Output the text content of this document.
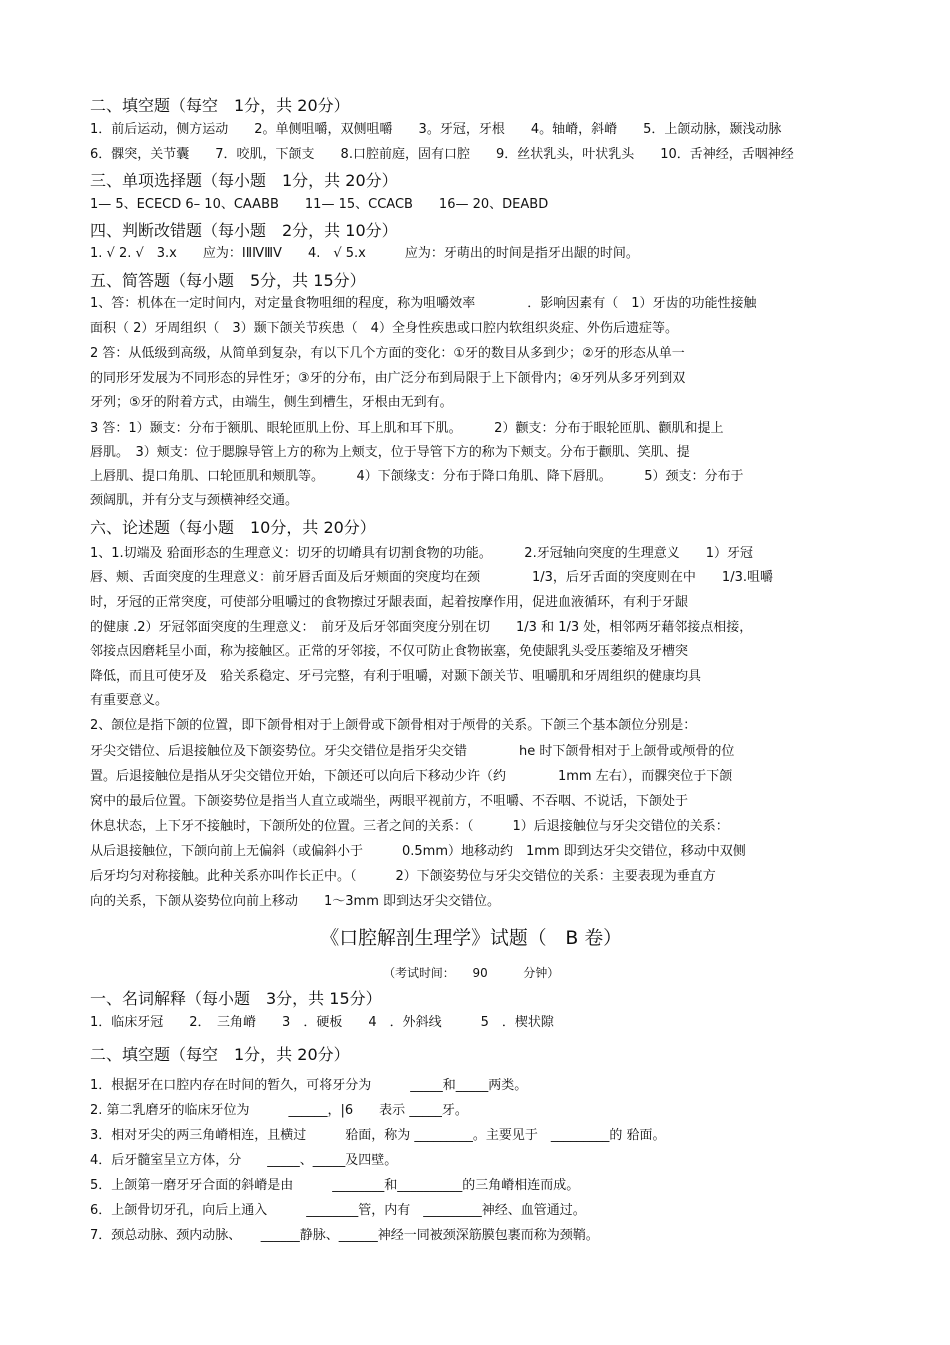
二、填空题（每空　1分，共 20分）
1．前后运动，侧方运动　　2。单侧咀嚼，双侧咀嚼　　3。牙冠，牙根　　4。轴嵴，斜嵴　　5．上颌动脉，颞浅动脉
6．髁突，关节囊　　7．咬肌，下颌支　　8.口腔前庭，固有口腔　　9．丝状乳头，叶状乳头　　10．舌神经，舌咽神经
三、单项选择题（每小题　1分，共 20分）
1— 5、ECECD 6– 10、CAABB　　11— 15、CCACB　　16— 20、DEABD
四、判断改错题（每小题　2分，共 10分）
1. √ 2. √　3.x　　应为：ⅠⅡⅣⅢⅤ　　4.　√ 5.x　　　应为：牙萌出的时间是指牙出龈的时间。
五、简答题（每小题　5分，共 15分）
1、答：机体在一定时间内，对定量食物咀细的程度，称为咀嚼效率　　　　．影响因素有（　1）牙齿的功能性接触
面积（ 2）牙周组织（　3）颞下颌关节疾患（　4）全身性疾患或口腔内软组织炎症、外伤后遗症等。
2 答：从低级到高级，从简单到复杂，有以下几个方面的变化：①牙的数目从多到少；②牙的形态从单一
的同形牙发展为不同形态的异性牙；③牙的分布，由广泛分布到局限于上下颌骨内；④牙列从多牙列到双
牙列；⑤牙的附着方式，由端生，侧生到槽生，牙根由无到有。
3 答：1）颞支：分布于额肌、眼轮匝肌上份、耳上肌和耳下肌。　　　2）颧支：分布于眼轮匝肌、颧肌和提上
唇肌。　3）颊支：位于腮腺导管上方的称为上颊支，位于导管下方的称为下颊支。分布于颧肌、笑肌、提
上唇肌、提口角肌、口轮匝肌和颊肌等。　　　4）下颌缘支：分布于降口角肌、降下唇肌。　　　5）颈支：分布于
颈阔肌，并有分支与颈横神经交通。
六、论述题（每小题　10分，共 20分）
1、1.切端及 𬌗面形态的生理意义：切牙的切嵴具有切割食物的功能。　　　2.牙冠轴向突度的生理意义　　1）牙冠
唇、颊、舌面突度的生理意义：前牙唇舌面及后牙颊面的突度均在颈　　　　1/3，后牙舌面的突度则在中　　1/3.咀嚼
时，牙冠的正常突度，可使部分咀嚼过的食物擦过牙龈表面，起着按摩作用，促进血液循环，有利于牙龈
的健康 .2）牙冠邻面突度的生理意义：　前牙及后牙邻面突度分别在切　　1/3 和 1/3 处，相邻两牙藉邻接点相接，
邻接点因磨耗呈小面，称为接触区。正常的牙邻接，不仅可防止食物嵌塞，免使龈乳头受压萎缩及牙槽突
降低，而且可使牙及　𬌗关系稳定、牙弓完整，有利于咀嚼，对颞下颌关节、咀嚼肌和牙周组织的健康均具
有重要意义。
2、颌位是指下颌的位置，即下颌骨相对于上颌骨或下颌骨相对于颅骨的关系。下颌三个基本颌位分别是：
牙尖交错位、后退接触位及下颌姿势位。牙尖交错位是指牙尖交错　　　　he 时下颌骨相对于上颌骨或颅骨的位
置。后退接触位是指从牙尖交错位开始，下颌还可以向后下移动少许（约　　　　1mm 左右），而髁突位于下颌
窝中的最后位置。下颌姿势位是指当人直立或端坐，两眼平视前方，不咀嚼、不吞咽、不说话，下颌处于
休息状态，上下牙不接触时，下颌所处的位置。三者之间的关系：（　　　1）后退接触位与牙尖交错位的关系：
从后退接触位，下颌向前上无偏斜（或偏斜小于　　　0.5mm）地移动约　1mm 即到达牙尖交错位，移动中双侧
后牙均匀对称接触。此种关系亦叫作长正中。（　　　2）下颌姿势位与牙尖交错位的关系：主要表现为垂直方
向的关系，下颌从姿势位向前上移动　　1～3mm 即到达牙尖交错位。
《口腔解剖生理学》试题（　B 卷）
（考试时间：　　90　　　分钟）
一、名词解释（每小题　3分，共 15分）
1．临床牙冠　　2．　三角嵴　　3　．硬板　　4　．外斜线　　　5　．楔状隙
二、填空题（每空　1分，共 20分）
1．根据牙在口腔内存在时间的暂久，可将牙分为　　　_____和_____两类。
2. 第二乳磨牙的临床牙位为　　　______，|6　　表示 _____牙。
3．相对牙尖的两三角嵴相连，且横过　　　𬌗面，称为 _________。主要见于　_________的 𬌗面。
4．后牙髓室呈立方体，分　　_____、_____及四壁。
5．上颌第一磨牙牙合面的斜嵴是由　　　________和__________的三角嵴相连而成。
6．上颌骨切牙孔，向后上通入　　　________管，内有　_________神经、血管通过。
7．颈总动脉、颈内动脉、　　______静脉、______神经一同被颈深筋膜包裹而称为颈鞘。
